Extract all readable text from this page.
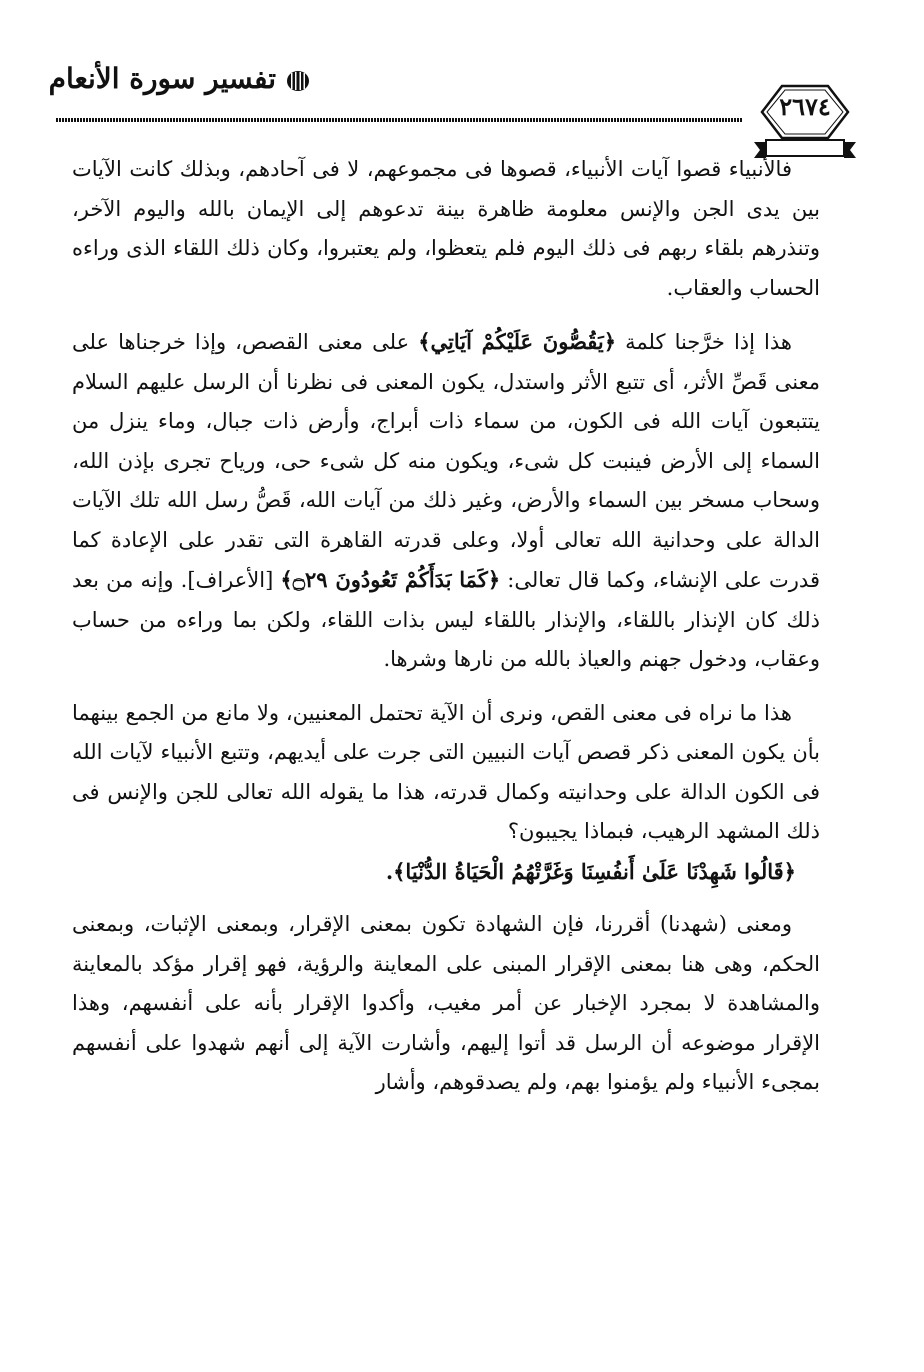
تفسير سورة الأنعام
٢٦٧٤

فالأنبياء قصوا آيات الأنبياء، قصوها فى مجموعهم، لا فى آحادهم، وبذلك كانت الآيات بين يدى الجن والإنس معلومة ظاهرة بينة تدعوهم إلى الإيمان بالله واليوم الآخر، وتنذرهم بلقاء ربهم فى ذلك اليوم فلم يتعظوا، ولم يعتبروا، وكان ذلك اللقاء الذى وراءه الحساب والعقاب.

هذا إذا خرَّجنا كلمة ﴿يَقُصُّونَ عَلَيْكُمْ آيَاتِي﴾ على معنى القصص، وإذا خرجناها على معنى قَصِّ الأثر، أى تتبع الأثر واستدل، يكون المعنى فى نظرنا أن الرسل عليهم السلام يتتبعون آيات الله فى الكون، من سماء ذات أبراج، وأرض ذات جبال، وماء ينزل من السماء إلى الأرض فينبت كل شىء، ويكون منه كل شىء حى، ورياح تجرى بإذن الله، وسحاب مسخر بين السماء والأرض، وغير ذلك من آيات الله، قَصُّ رسل الله تلك الآيات الدالة على وحدانية الله تعالى أولا، وعلى قدرته القاهرة التى تقدر على الإعادة كما قدرت على الإنشاء، وكما قال تعالى: ﴿كَمَا بَدَأَكُمْ تَعُودُونَ ۝٢٩﴾ [الأعراف]. وإنه من بعد ذلك كان الإنذار باللقاء، والإنذار باللقاء ليس بذات اللقاء، ولكن بما وراءه من حساب وعقاب، ودخول جهنم والعياذ بالله من نارها وشرها.

هذا ما نراه فى معنى القص، ونرى أن الآية تحتمل المعنيين، ولا مانع من الجمع بينهما بأن يكون المعنى ذكر قصص آيات النبيين التى جرت على أيديهم، وتتبع الأنبياء لآيات الله فى الكون الدالة على وحدانيته وكمال قدرته، هذا ما يقوله الله تعالى للجن والإنس فى ذلك المشهد الرهيب، فبماذا يجيبون؟

﴿قَالُوا شَهِدْنَا عَلَىٰ أَنفُسِنَا وَغَرَّتْهُمُ الْحَيَاةُ الدُّنْيَا﴾.

ومعنى (شهدنا) أقررنا، فإن الشهادة تكون بمعنى الإقرار، وبمعنى الإثبات، وبمعنى الحكم، وهى هنا بمعنى الإقرار المبنى على المعاينة والرؤية، فهو إقرار مؤكد بالمعاينة والمشاهدة لا بمجرد الإخبار عن أمر مغيب، وأكدوا الإقرار بأنه على أنفسهم، وهذا الإقرار موضوعه أن الرسل قد أتوا إليهم، وأشارت الآية إلى أنهم شهدوا على أنفسهم بمجىء الأنبياء ولم يؤمنوا بهم، ولم يصدقوهم، وأشار
